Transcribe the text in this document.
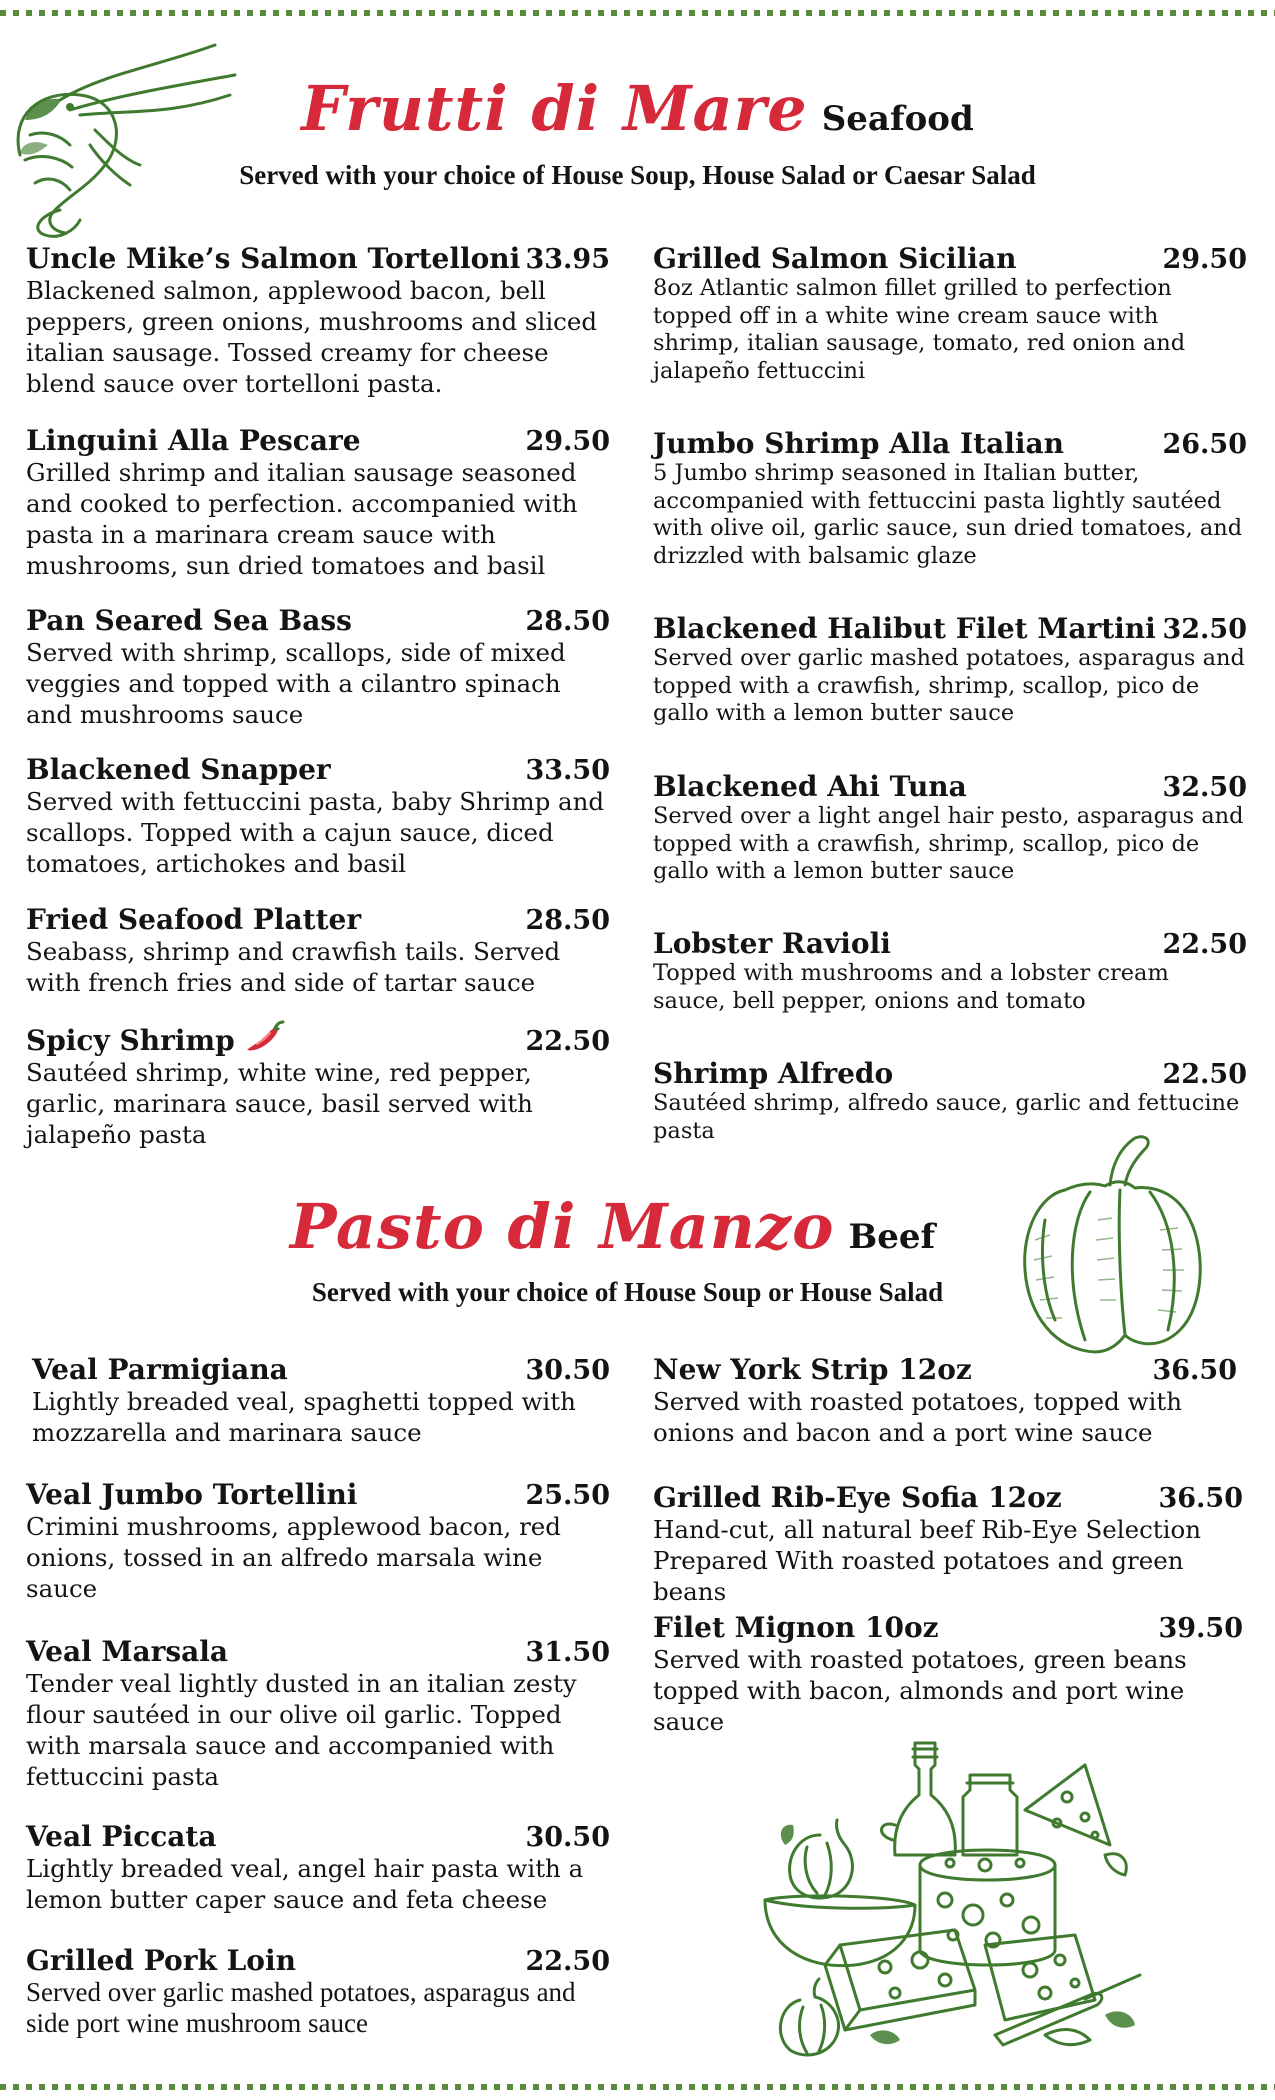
Frutti di Mare Seafood
Served with your choice of House Soup, House Salad or Caesar Salad
Uncle Mike’s Salmon Tortelloni 33.95

Blackened salmon, applewood bacon, bell peppers, green onions, mushrooms and sliced italian sausage. Tossed creamy for cheese blend sauce over tortelloni pasta.

Linguini Alla Pescare	29.50

Grilled shrimp and italian sausage seasoned and cooked to perfection. accompanied with pasta in a marinara cream sauce with mushrooms, sun dried tomatoes and basil

Pan Seared Sea Bass	28.50

Served with shrimp, scallops, side of mixed veggies and topped with a cilantro spinach and mushrooms sauce

Blackened Snapper	33.50

Served with fettuccini pasta, baby Shrimp and scallops. Topped with a cajun sauce, diced tomatoes, artichokes and basil

Fried Seafood Platter	28.50

Seabass, shrimp and crawfish tails. Served with french fries and side of tartar sauce

Spicy Shrimp	22.50

Sautéed shrimp, white wine, red pepper, garlic, marinara sauce, basil served with jalapeño pasta

Grilled Salmon Sicilian	29.50

8oz Atlantic salmon fillet grilled to perfection topped off in a white wine cream sauce with shrimp, italian sausage, tomato, red onion and jalapeño fettuccini

Jumbo Shrimp Alla Italian	26.50

5 Jumbo shrimp seasoned in Italian butter, accompanied with fettuccini pasta lightly sautéed with olive oil, garlic sauce, sun dried tomatoes, and drizzled with balsamic glaze

Blackened Halibut Filet Martini 32.50

Served over garlic mashed potatoes, asparagus and topped with a crawfish, shrimp, scallop, pico de gallo with a lemon butter sauce

Blackened Ahi Tuna	32.50

Served over a light angel hair pesto, asparagus and topped with a crawfish, shrimp, scallop, pico de gallo with a lemon butter sauce

Lobster Ravioli	22.50

Topped with mushrooms and a lobster cream sauce, bell pepper, onions and tomato

Shrimp Alfredo	22.50

Sautéed shrimp, alfredo sauce, garlic and fettucine pasta

Pasto di Manzo Beef
Served with your choice of House Soup or House Salad
Veal Parmigiana	30.50

Lightly breaded veal, spaghetti topped with mozzarella and marinara sauce

Veal Jumbo Tortellini	25.50

Crimini mushrooms, applewood bacon, red onions, tossed in an alfredo marsala wine sauce

Veal Marsala	31.50

Tender veal lightly dusted in an italian zesty flour sautéed in our olive oil garlic. Topped with marsala sauce and accompanied with fettuccini pasta

Veal Piccata	30.50

Lightly breaded veal, angel hair pasta with a lemon butter caper sauce and feta cheese

Grilled Pork Loin	22.50

Served over garlic mashed potatoes, asparagus and side port wine mushroom sauce

New York Strip 12oz	36.50

Served with roasted potatoes, topped with onions and bacon and a port wine sauce

Grilled Rib-Eye Sofia 12oz	36.50

Hand-cut, all natural beef Rib-Eye Selection Prepared With roasted potatoes and green beans

Filet Mignon 10oz	39.50

Served with roasted potatoes, green beans topped with bacon, almonds and port wine sauce
